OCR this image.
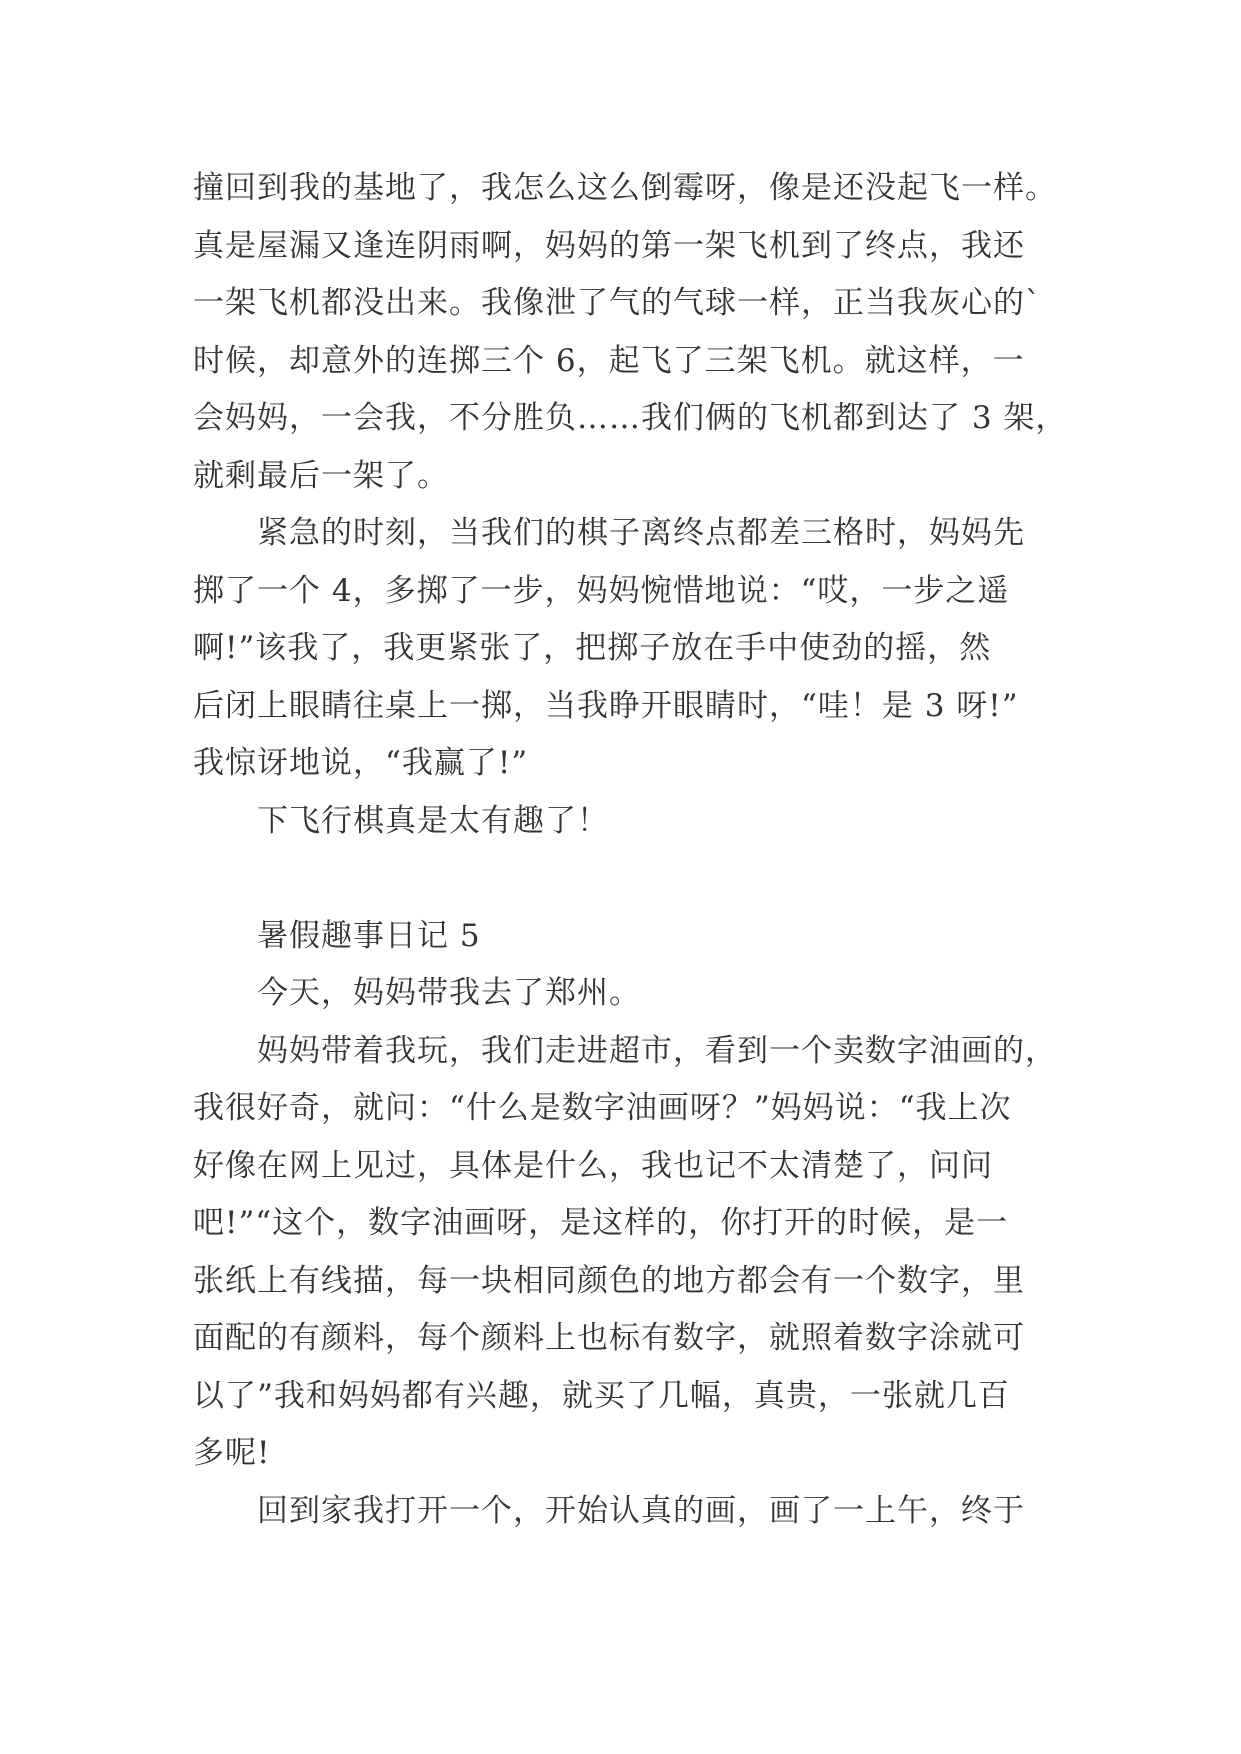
撞回到我的基地了，我怎么这么倒霉呀，像是还没起飞一样。
真是屋漏又逢连阴雨啊，妈妈的第一架飞机到了终点，我还
一架飞机都没出来。我像泄了气的气球一样，正当我灰心的`
时候，却意外的连掷三个 6，起飞了三架飞机。就这样，一
会妈妈，一会我，不分胜负……我们俩的飞机都到达了 3 架，
就剩最后一架了。
紧急的时刻，当我们的棋子离终点都差三格时，妈妈先
掷了一个 4，多掷了一步，妈妈惋惜地说：“哎，一步之遥
啊!”该我了，我更紧张了，把掷子放在手中使劲的摇，然
后闭上眼睛往桌上一掷，当我睁开眼睛时，“哇！是 3 呀!”
我惊讶地说，“我赢了!”
下飞行棋真是太有趣了！
暑假趣事日记 5
今天，妈妈带我去了郑州。
妈妈带着我玩，我们走进超市，看到一个卖数字油画的，
我很好奇，就问：“什么是数字油画呀？”妈妈说：“我上次
好像在网上见过，具体是什么，我也记不太清楚了，问问
吧!”“这个，数字油画呀，是这样的，你打开的时候，是一
张纸上有线描，每一块相同颜色的地方都会有一个数字，里
面配的有颜料，每个颜料上也标有数字，就照着数字涂就可
以了”我和妈妈都有兴趣，就买了几幅，真贵，一张就几百
多呢!
回到家我打开一个，开始认真的画，画了一上午，终于
